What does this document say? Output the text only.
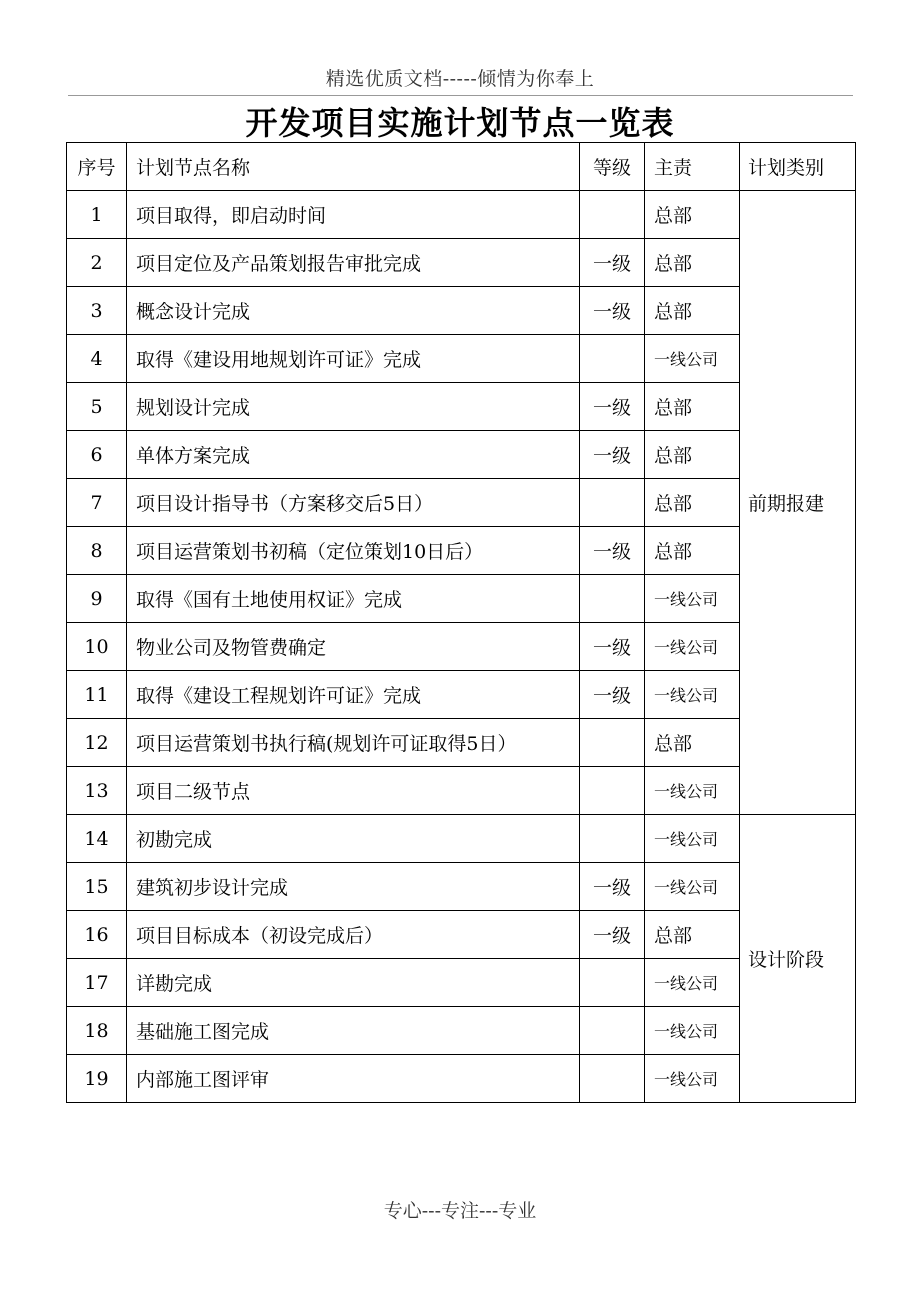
精选优质文档-----倾情为你奉上
开发项目实施计划节点一览表
序号	计划节点名称	等级	主责	计划类别
1	项目取得，即启动时间		总部	前期报建
2	项目定位及产品策划报告审批完成	一级	总部	
3	概念设计完成	一级	总部	
4	取得《建设用地规划许可证》完成		一线公司	
5	规划设计完成	一级	总部	
6	单体方案完成	一级	总部	
7	项目设计指导书（方案移交后5日）		总部	
8	项目运营策划书初稿（定位策划10日后）	一级	总部	
9	取得《国有土地使用权证》完成		一线公司	
10	物业公司及物管费确定	一级	一线公司	
11	取得《建设工程规划许可证》完成	一级	一线公司	
12	项目运营策划书执行稿(规划许可证取得5日）		总部	
13	项目二级节点		一线公司	
14	初勘完成		一线公司	设计阶段
15	建筑初步设计完成	一级	一线公司	
16	项目目标成本（初设完成后）	一级	总部	
17	详勘完成		一线公司	
18	基础施工图完成		一线公司	
19	内部施工图评审		一线公司	
专心---专注---专业
